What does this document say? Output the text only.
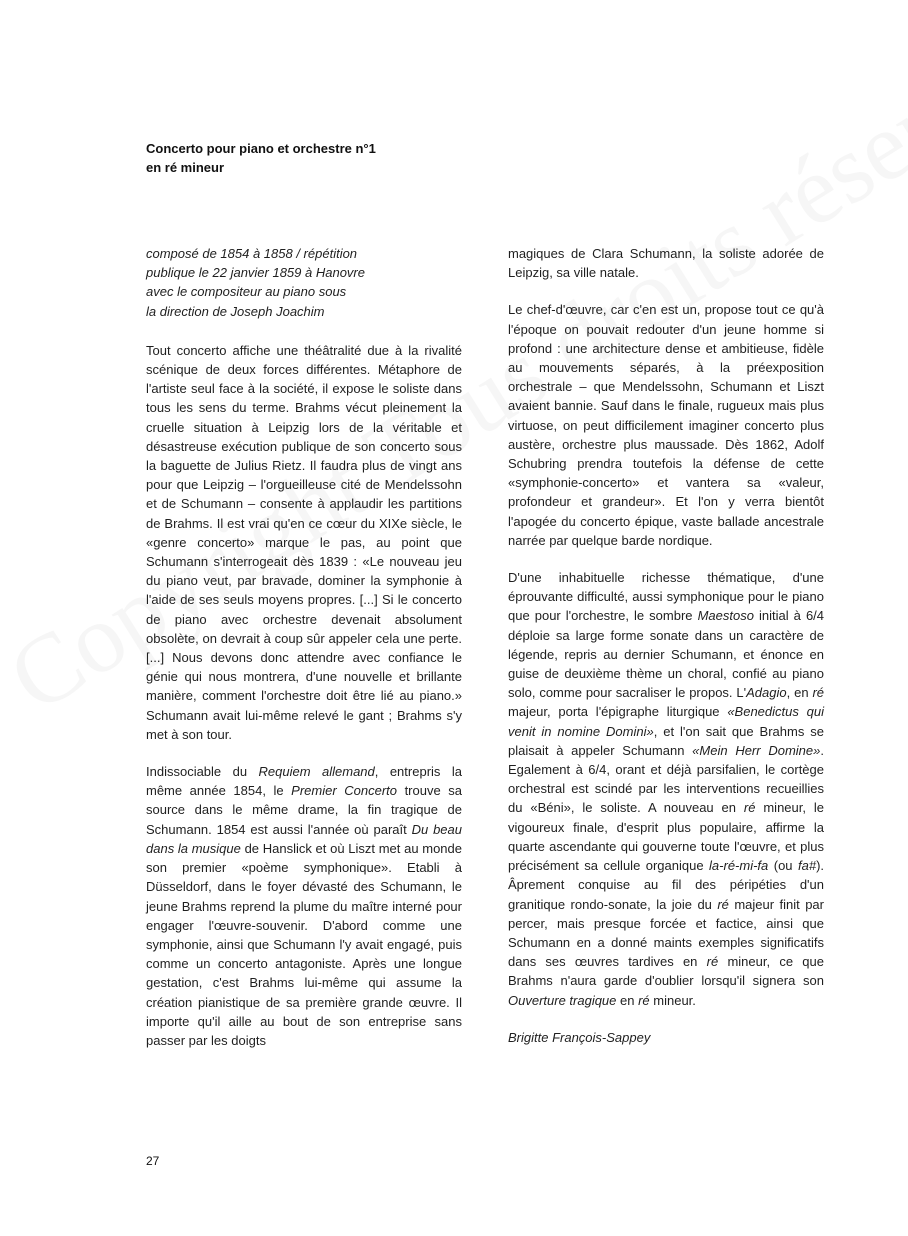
Concerto pour piano et orchestre n°1
en ré mineur

composé de 1854 à 1858 / répétition
publique le 22 janvier 1859 à Hanovre
avec le compositeur au piano sous
la direction de Joseph Joachim

Tout concerto affiche une théâtralité due à la rivalité scénique de deux forces différentes. Métaphore de l'artiste seul face à la société, il expose le soliste dans tous les sens du terme. Brahms vécut pleinement la cruelle situation à Leipzig lors de la véritable et désastreuse exécution publique de son concerto sous la baguette de Julius Rietz. Il faudra plus de vingt ans pour que Leipzig – l'orgueilleuse cité de Mendelssohn et de Schumann – consente à applaudir les partitions de Brahms. Il est vrai qu'en ce cœur du XIXe siècle, le «genre concerto» marque le pas, au point que Schumann s'interrogeait dès 1839 : «Le nouveau jeu du piano veut, par bravade, dominer la symphonie à l'aide de ses seuls moyens propres. [...] Si le concerto de piano avec orchestre devenait absolument obsolète, on devrait à coup sûr appeler cela une perte. [...] Nous devons donc attendre avec confiance le génie qui nous montrera, d'une nouvelle et brillante manière, comment l'orchestre doit être lié au piano.» Schumann avait lui-même relevé le gant ; Brahms s'y met à son tour.

Indissociable du Requiem allemand, entrepris la même année 1854, le Premier Concerto trouve sa source dans le même drame, la fin tragique de Schumann. 1854 est aussi l'année où paraît Du beau dans la musique de Hanslick et où Liszt met au monde son premier «poème symphonique». Etabli à Düsseldorf, dans le foyer dévasté des Schumann, le jeune Brahms reprend la plume du maître interné pour engager l'œuvre-souvenir. D'abord comme une symphonie, ainsi que Schumann l'y avait engagé, puis comme un concerto antagoniste. Après une longue gestation, c'est Brahms lui-même qui assume la création pianistique de sa première grande œuvre. Il importe qu'il aille au bout de son entreprise sans passer par les doigts

magiques de Clara Schumann, la soliste adorée de Leipzig, sa ville natale.

Le chef-d'œuvre, car c'en est un, propose tout ce qu'à l'époque on pouvait redouter d'un jeune homme si profond : une architecture dense et ambitieuse, fidèle au mouvements séparés, à la préexposition orchestrale – que Mendelssohn, Schumann et Liszt avaient bannie. Sauf dans le finale, rugueux mais plus virtuose, on peut difficilement imaginer concerto plus austère, orchestre plus maussade. Dès 1862, Adolf Schubring prendra toutefois la défense de cette «symphonie-concerto» et vantera sa «valeur, profondeur et grandeur». Et l'on y verra bientôt l'apogée du concerto épique, vaste ballade ancestrale narrée par quelque barde nordique.

D'une inhabituelle richesse thématique, d'une éprouvante difficulté, aussi symphonique pour le piano que pour l'orchestre, le sombre Maestoso initial à 6/4 déploie sa large forme sonate dans un caractère de légende, repris au dernier Schumann, et énonce en guise de deuxième thème un choral, confié au piano solo, comme pour sacraliser le propos. L'Adagio, en ré majeur, porta l'épigraphe liturgique «Benedictus qui venit in nomine Domini», et l'on sait que Brahms se plaisait à appeler Schumann «Mein Herr Domine». Egalement à 6/4, orant et déjà parsifalien, le cortège orchestral est scindé par les interventions recueillies du «Béni», le soliste. A nouveau en ré mineur, le vigoureux finale, d'esprit plus populaire, affirme la quarte ascendante qui gouverne toute l'œuvre, et plus précisément sa cellule organique la-ré-mi-fa (ou fa#). Âprement conquise au fil des péripéties d'un granitique rondo-sonate, la joie du ré majeur finit par percer, mais presque forcée et factice, ainsi que Schumann en a donné maints exemples significatifs dans ses œuvres tardives en ré mineur, ce que Brahms n'aura garde d'oublier lorsqu'il signera son Ouverture tragique en ré mineur.

Brigitte François-Sappey

27
